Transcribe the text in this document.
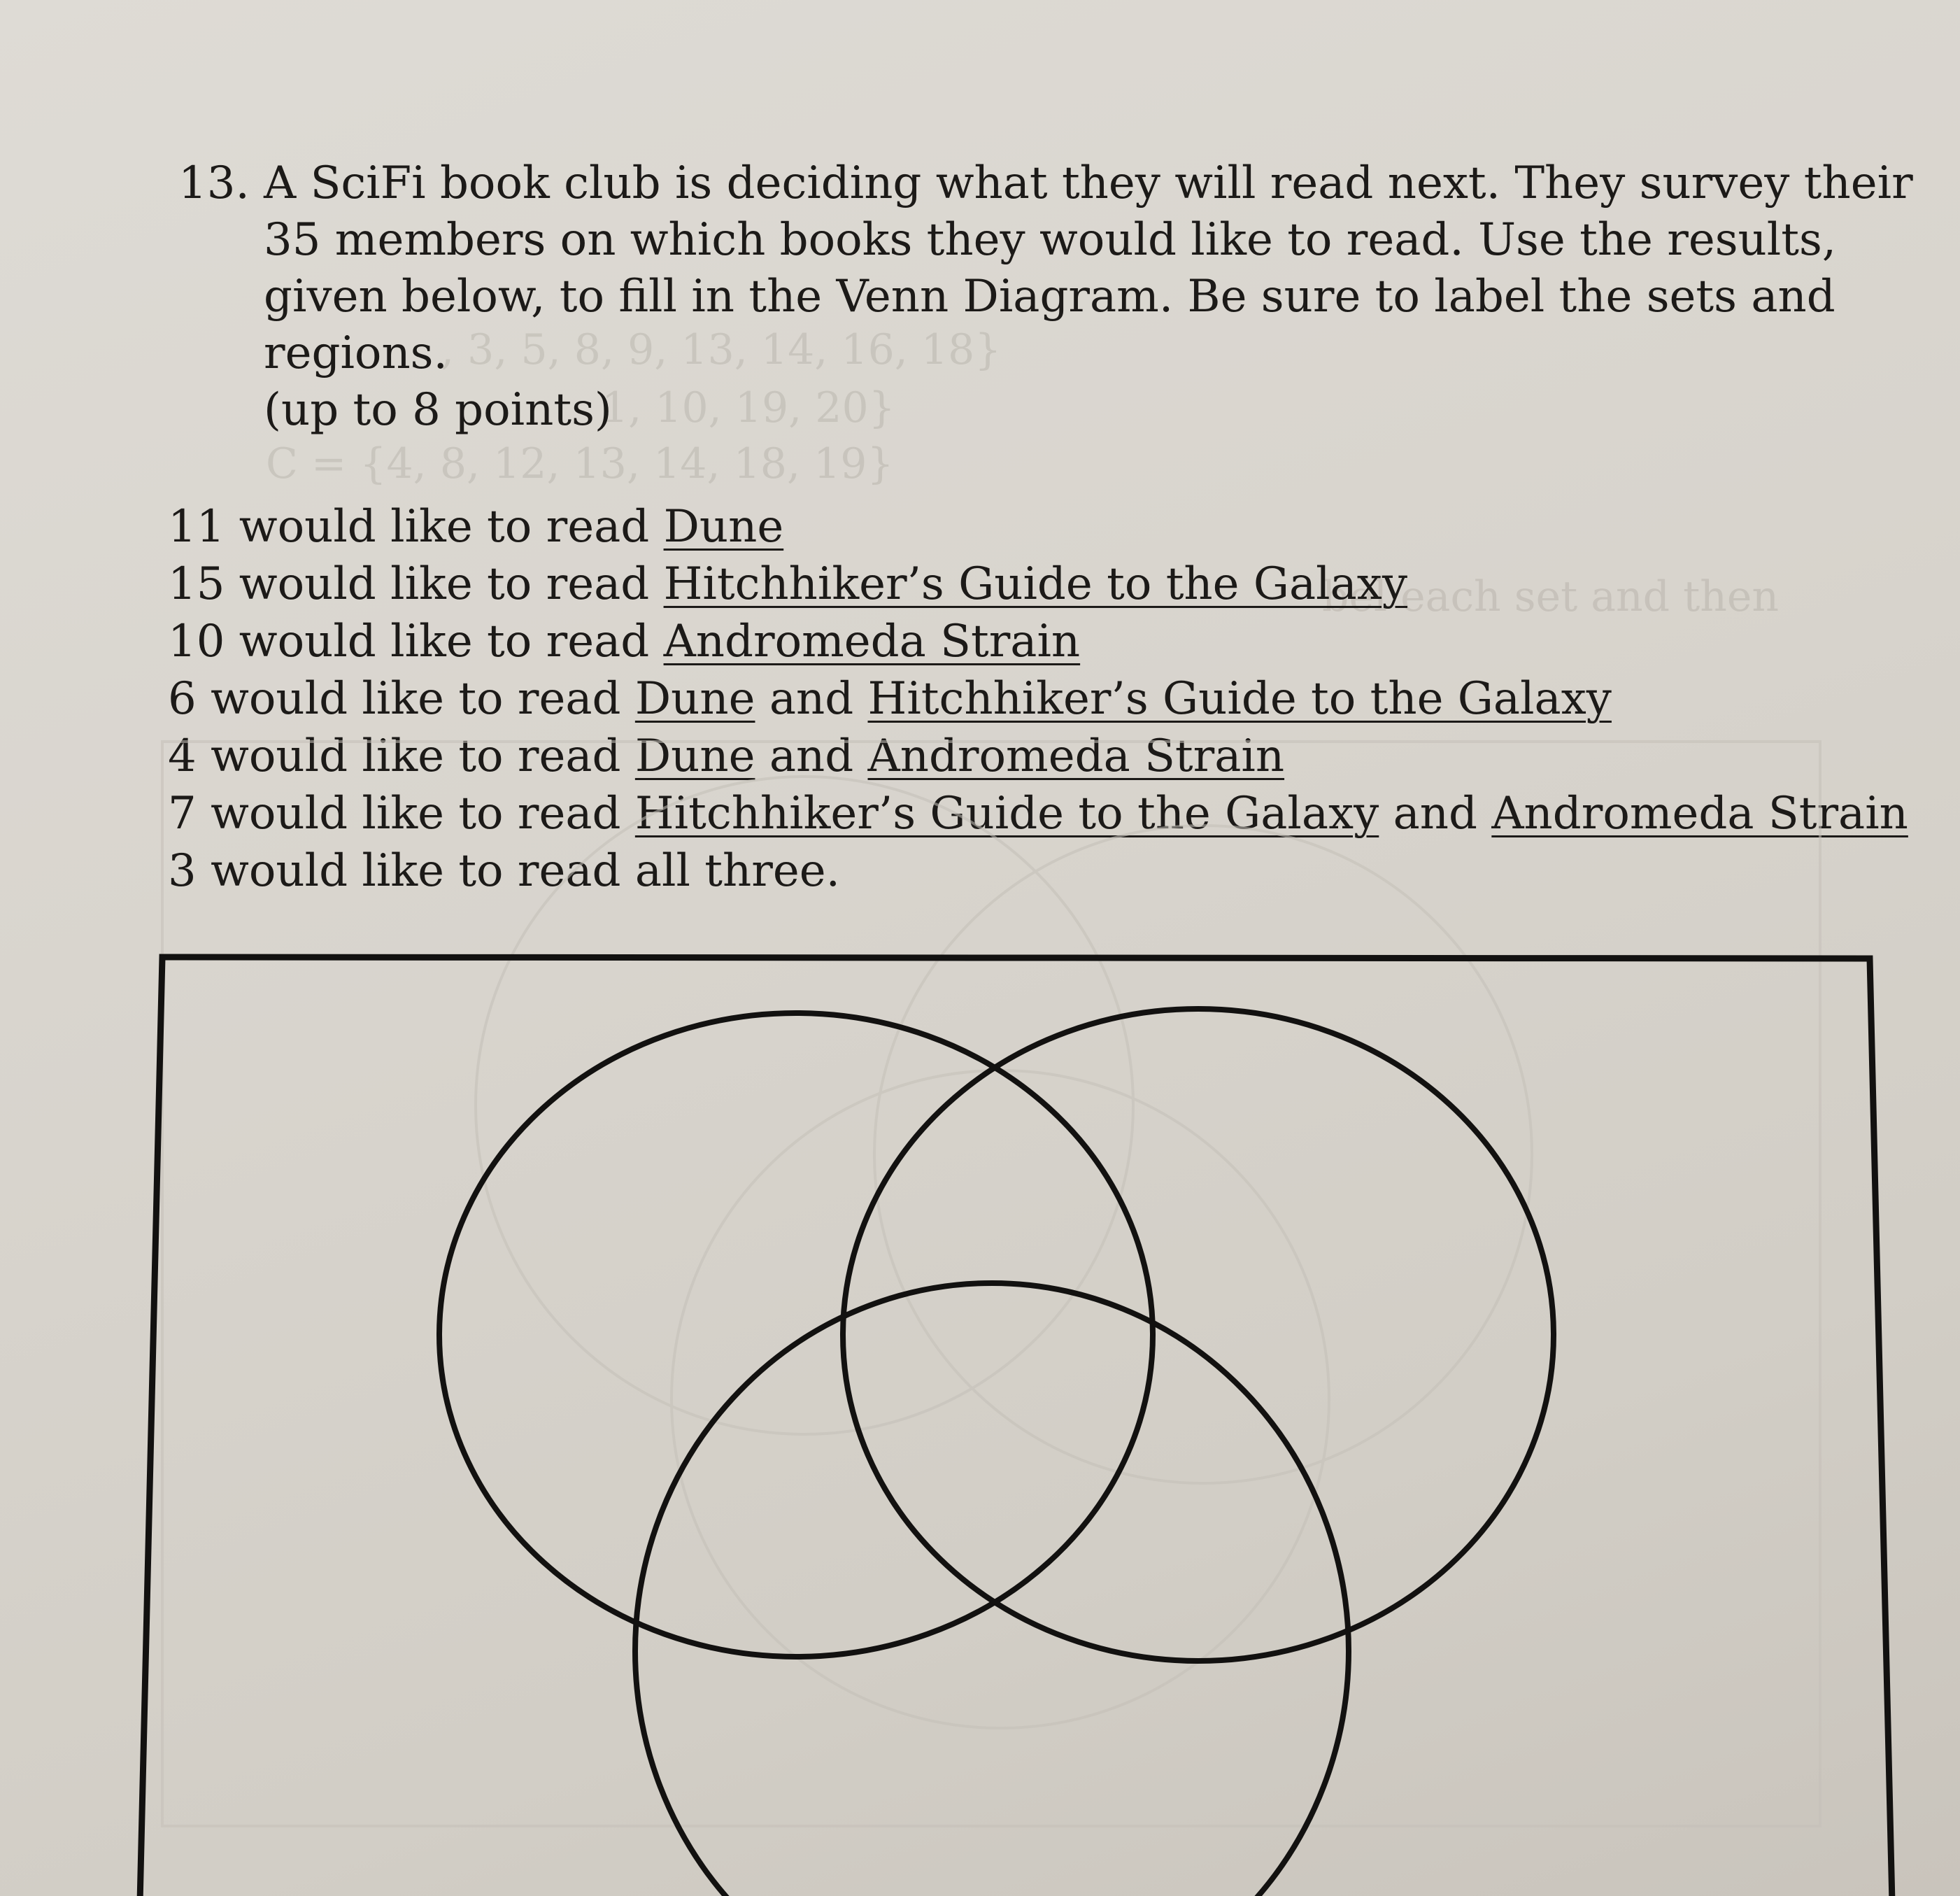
, 3, 5, 8, 9, 13, 14, 16, 18}
1, 10, 19, 20}
C = {4, 8, 12, 13, 14, 18, 19}
bel each set and then
13. A SciFi book club is deciding what they will read next. They survey their
35 members on which books they would like to read. Use the results,
given below, to fill in the Venn Diagram. Be sure to label the sets and
regions.
(up to 8 points)
11 would like to read Dune
15 would like to read Hitchhiker’s Guide to the Galaxy
10 would like to read Andromeda Strain
6 would like to read Dune and Hitchhiker’s Guide to the Galaxy
4 would like to read Dune and Andromeda Strain
7 would like to read Hitchhiker’s Guide to the Galaxy and Andromeda Strain
3 would like to read all three.
